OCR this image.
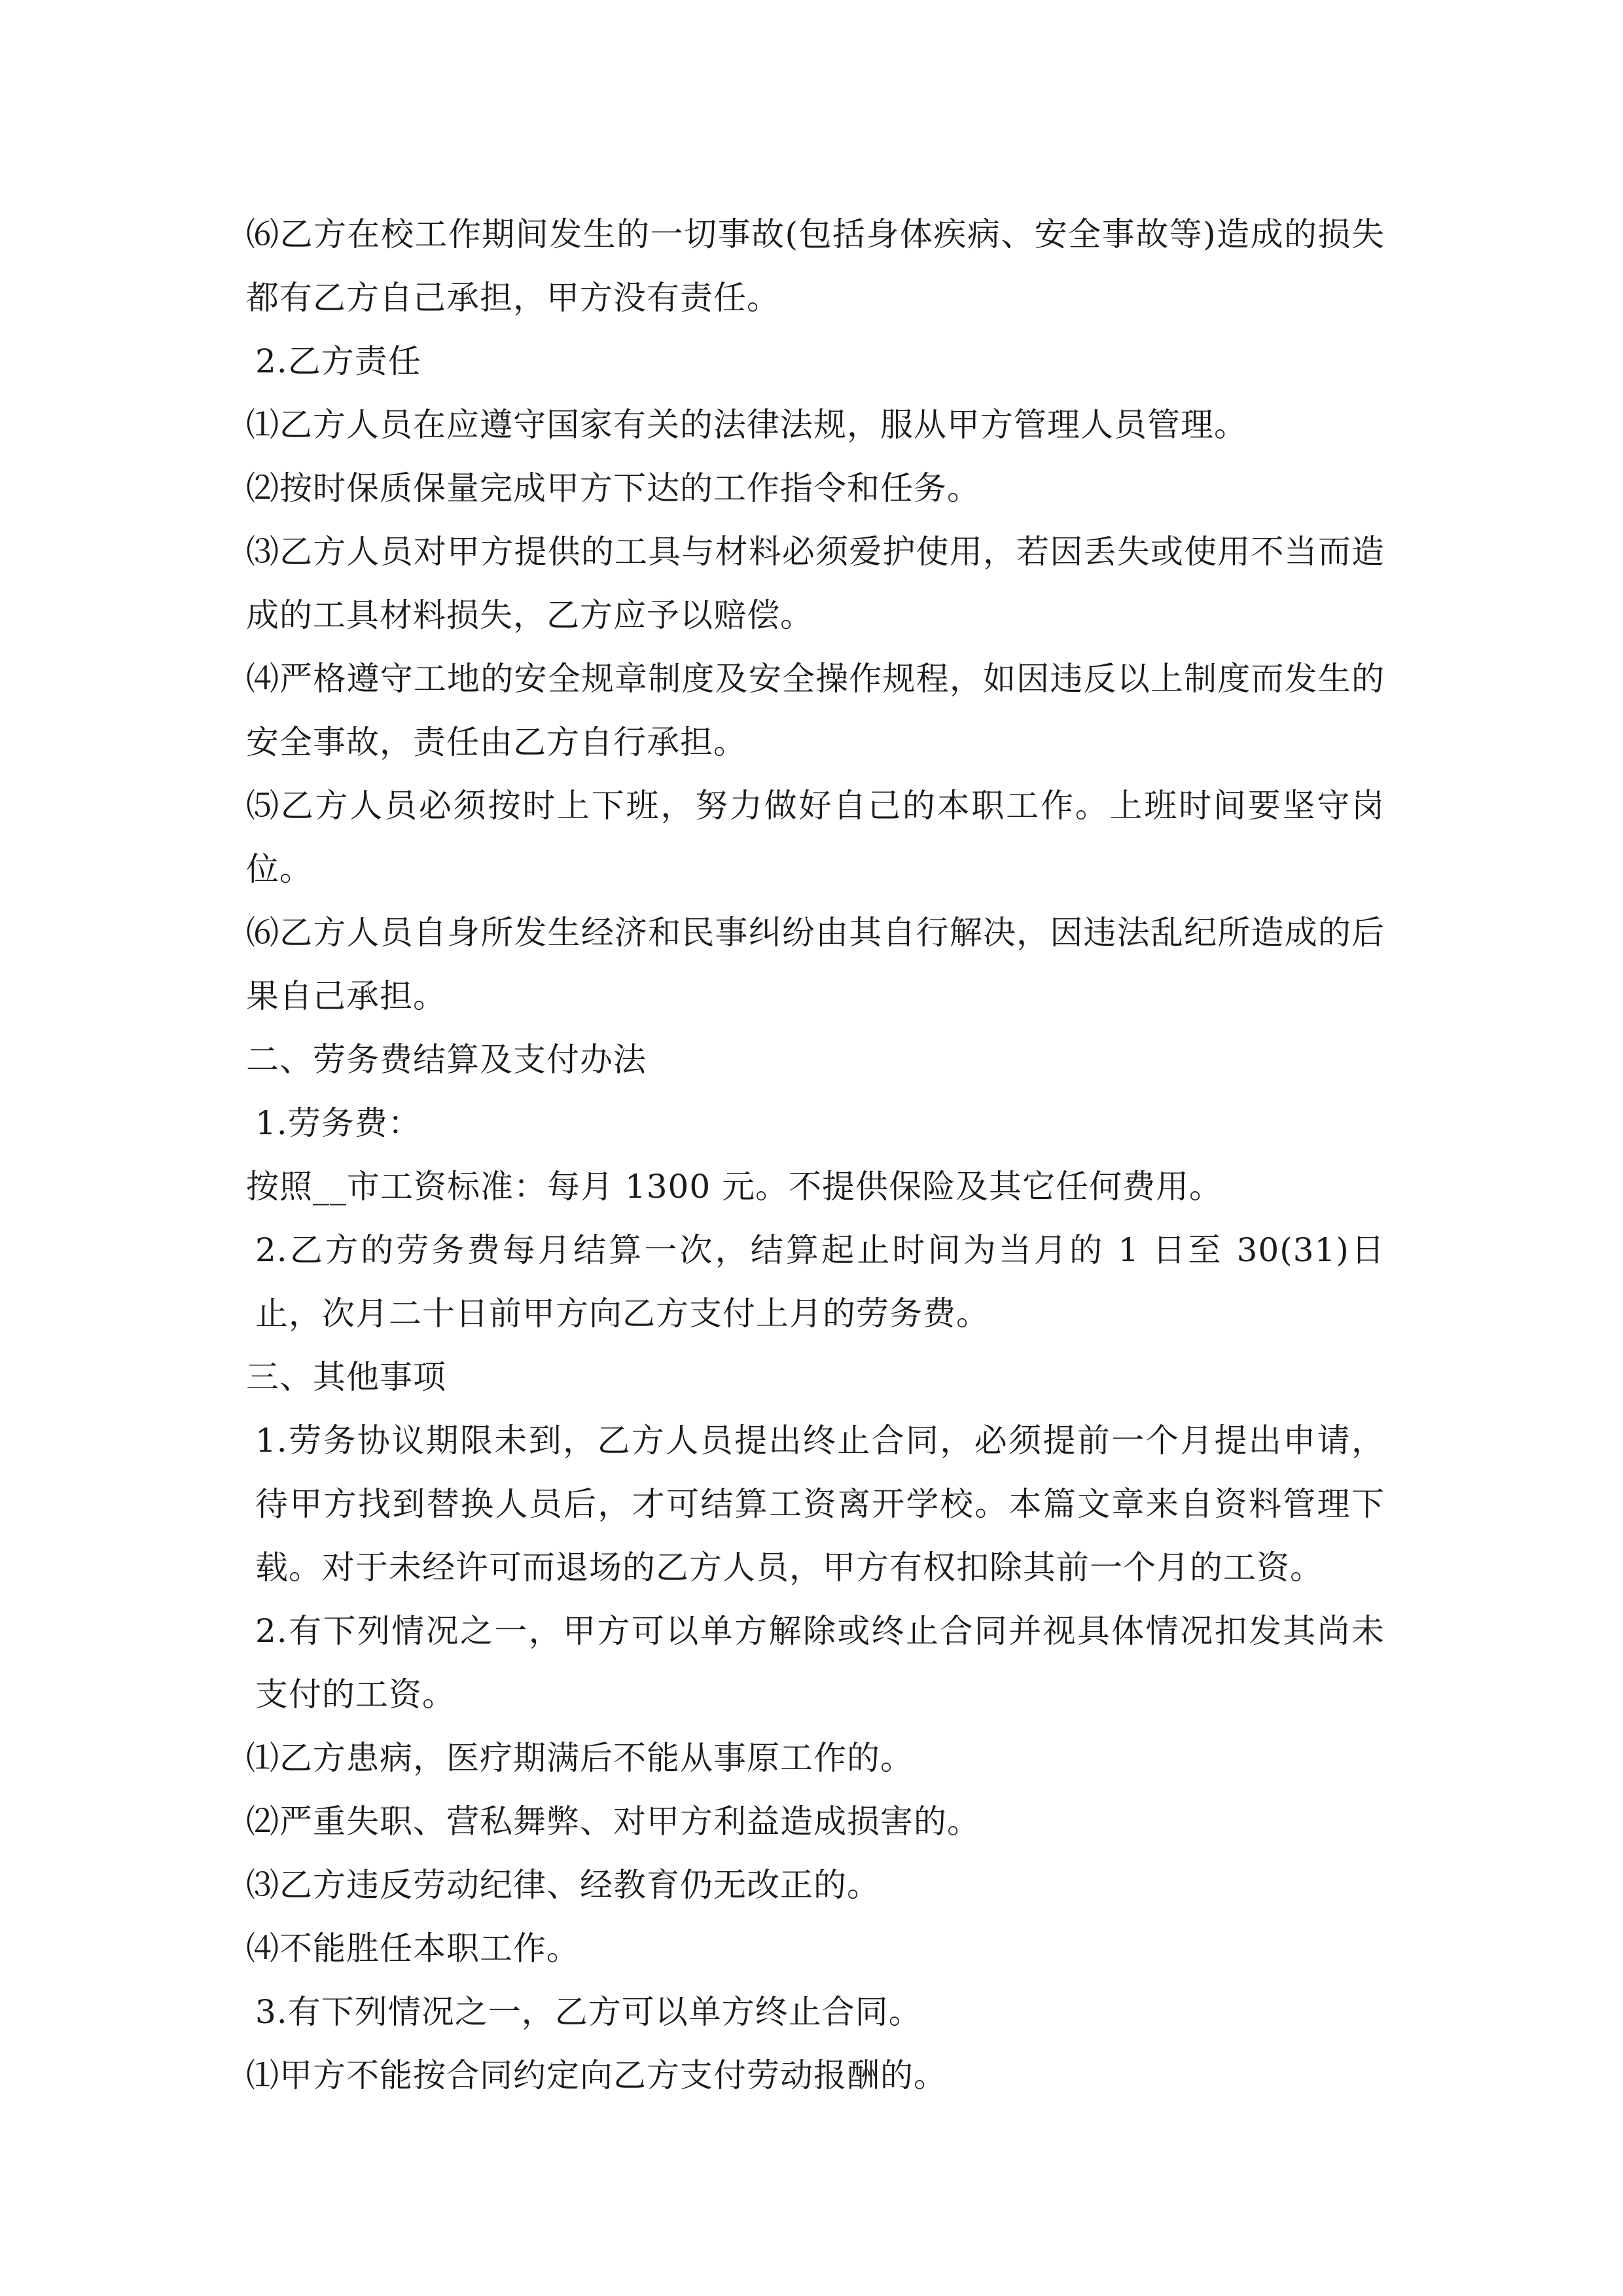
⑹乙方在校工作期间发生的一切事故(包括身体疾病、安全事故等)造成的损失都有乙方自己承担，甲方没有责任。

2.乙方责任

⑴乙方人员在应遵守国家有关的法律法规，服从甲方管理人员管理。

⑵按时保质保量完成甲方下达的工作指令和任务。

⑶乙方人员对甲方提供的工具与材料必须爱护使用，若因丢失或使用不当而造成的工具材料损失，乙方应予以赔偿。

⑷严格遵守工地的安全规章制度及安全操作规程，如因违反以上制度而发生的安全事故，责任由乙方自行承担。

⑸乙方人员必须按时上下班，努力做好自己的本职工作。上班时间要坚守岗位。

⑹乙方人员自身所发生经济和民事纠纷由其自行解决，因违法乱纪所造成的后果自己承担。

二、劳务费结算及支付办法

1.劳务费：

按照__市工资标准：每月 1300 元。不提供保险及其它任何费用。

2.乙方的劳务费每月结算一次，结算起止时间为当月的 1 日至 30(31)日止，次月二十日前甲方向乙方支付上月的劳务费。

三、其他事项

1.劳务协议期限未到，乙方人员提出终止合同，必须提前一个月提出申请，待甲方找到替换人员后，才可结算工资离开学校。本篇文章来自资料管理下载。对于未经许可而退场的乙方人员，甲方有权扣除其前一个月的工资。

2.有下列情况之一，甲方可以单方解除或终止合同并视具体情况扣发其尚未支付的工资。

⑴乙方患病，医疗期满后不能从事原工作的。

⑵严重失职、营私舞弊、对甲方利益造成损害的。

⑶乙方违反劳动纪律、经教育仍无改正的。

⑷不能胜任本职工作。

3.有下列情况之一，乙方可以单方终止合同。

⑴甲方不能按合同约定向乙方支付劳动报酬的。
